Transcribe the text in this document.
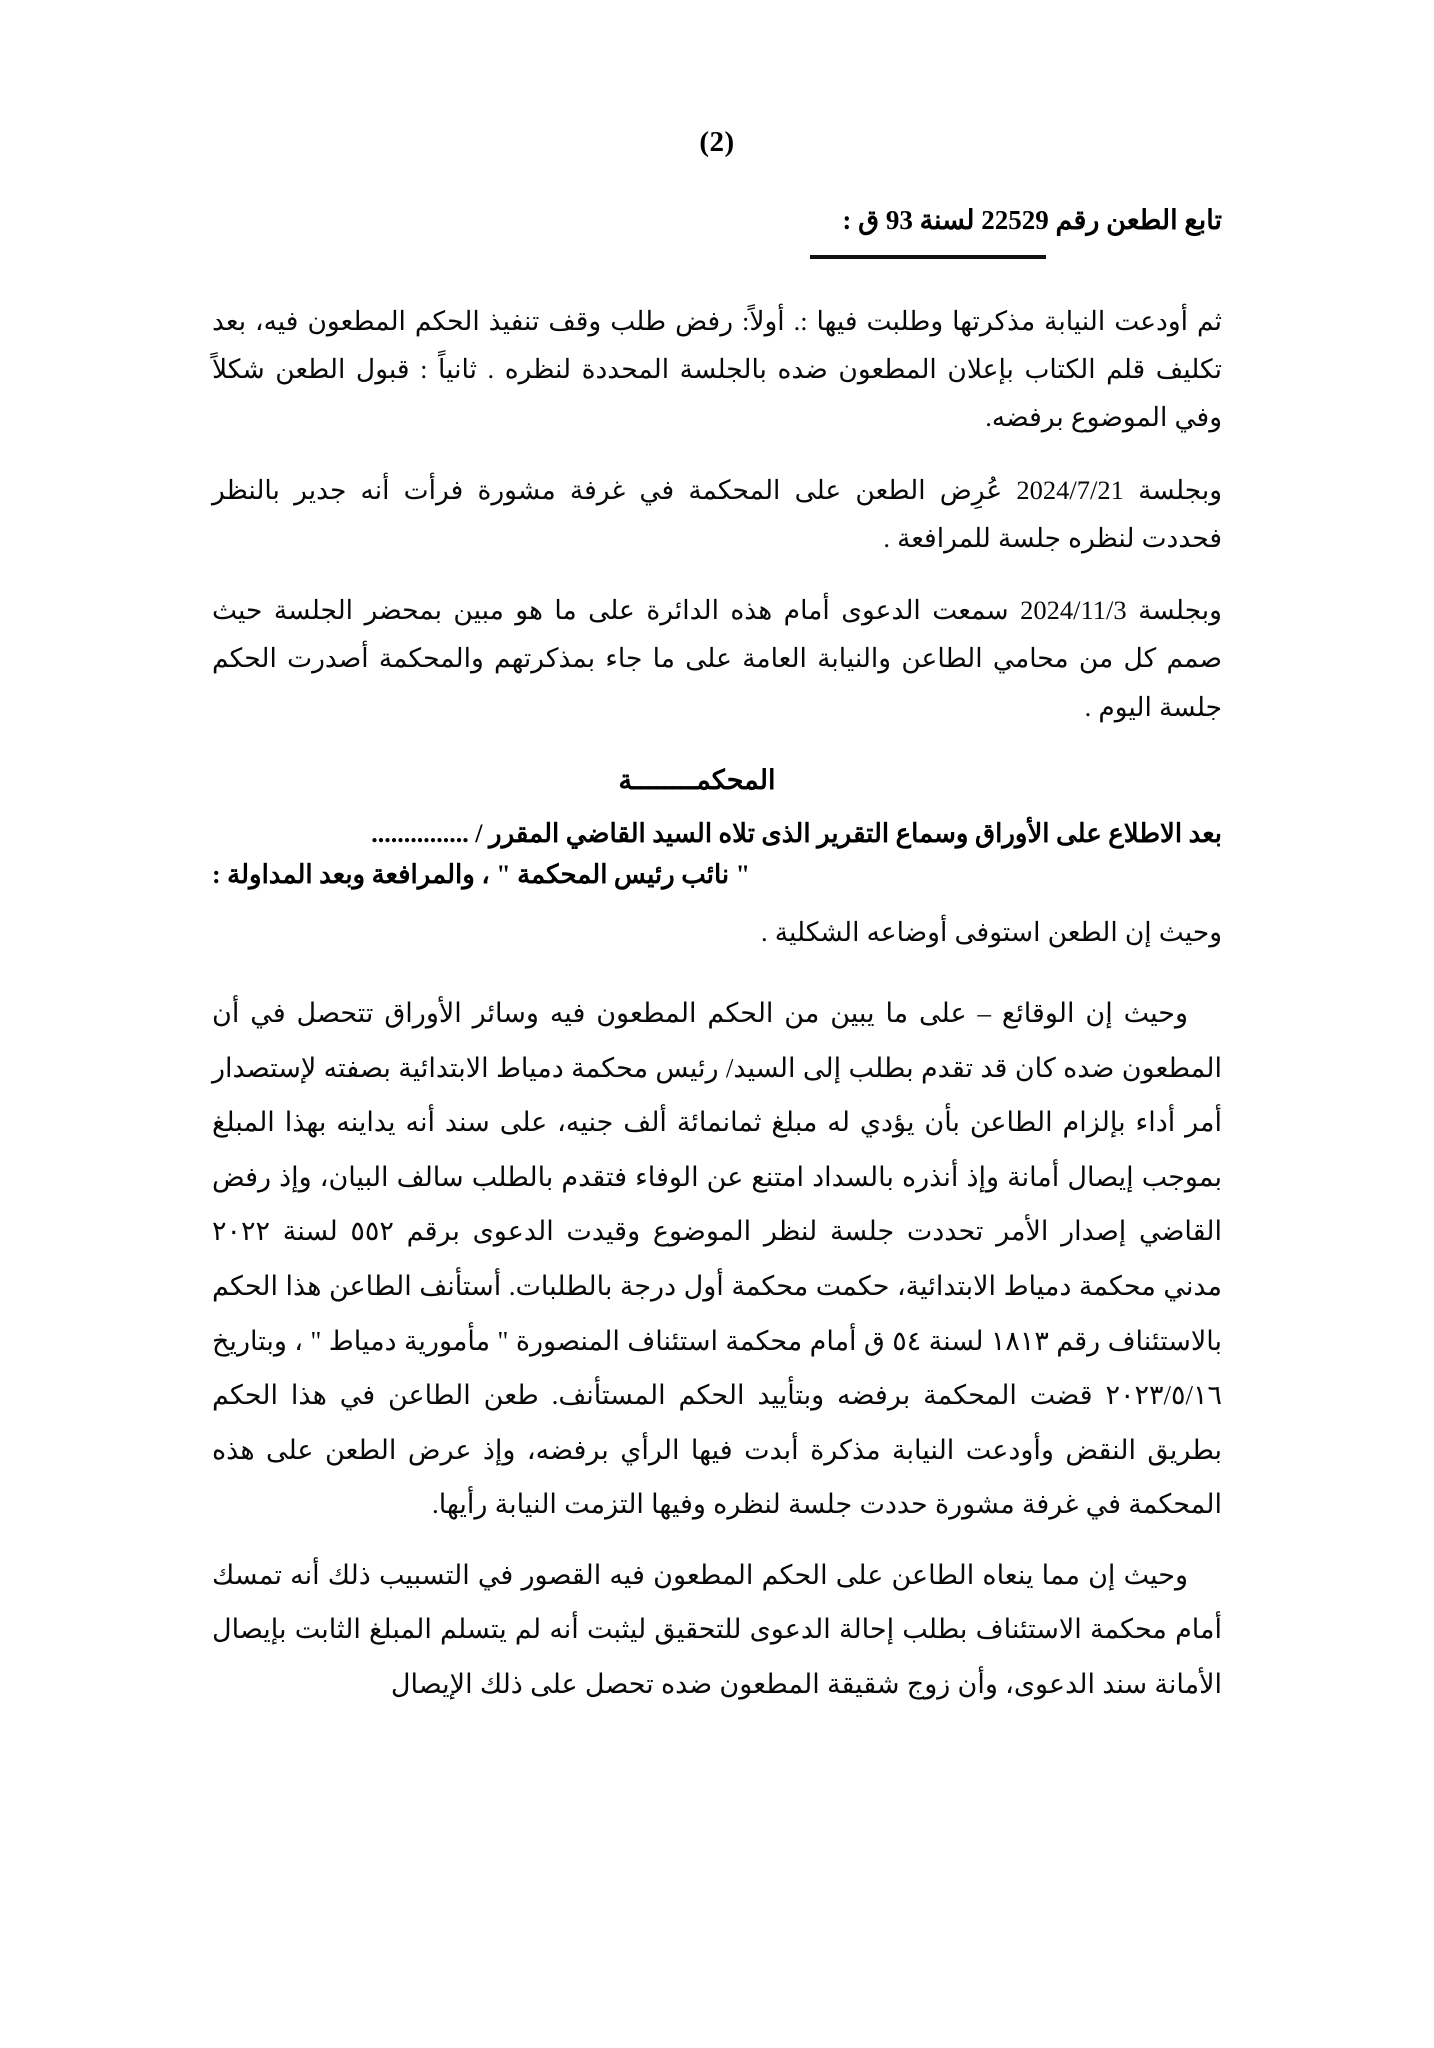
(2)
تابع الطعن رقم 22529 لسنة 93 ق :

ثم أودعت النيابة مذكرتها وطلبت فيها :. أولاً: رفض طلب وقف تنفيذ الحكم المطعون فيه، بعد تكليف قلم الكتاب بإعلان المطعون ضده بالجلسة المحددة لنظره . ثانياً : قبول الطعن شكلاً وفي الموضوع برفضه.

وبجلسة 2024/7/21 عُرِض الطعن على المحكمة في غرفة مشورة فرأت أنه جدير بالنظر فحددت لنظره جلسة للمرافعة .

وبجلسة 2024/11/3 سمعت الدعوى أمام هذه الدائرة على ما هو مبين بمحضر الجلسة حيث صمم كل من محامي الطاعن والنيابة العامة على ما جاء بمذكرتهم والمحكمة أصدرت الحكم جلسة اليوم .

المحكمــــــــة

بعد الاطلاع على الأوراق وسماع التقرير الذى تلاه السيد القاضي المقرر / ...............

" نائب رئيس المحكمة " ، والمرافعة وبعد المداولة :

وحيث إن الطعن استوفى أوضاعه الشكلية .

وحيث إن الوقائع – على ما يبين من الحكم المطعون فيه وسائر الأوراق تتحصل في أن المطعون ضده كان قد تقدم بطلب إلى السيد/ رئيس محكمة دمياط الابتدائية بصفته لإستصدار أمر أداء بإلزام الطاعن بأن يؤدي له مبلغ ثمانمائة ألف جنيه، على سند أنه يداينه بهذا المبلغ بموجب إيصال أمانة وإذ أنذره بالسداد امتنع عن الوفاء فتقدم بالطلب سالف البيان، وإذ رفض القاضي إصدار الأمر تحددت جلسة لنظر الموضوع وقيدت الدعوى برقم ٥٥٢ لسنة ٢٠٢٢ مدني محكمة دمياط الابتدائية، حكمت محكمة أول درجة بالطلبات. أستأنف الطاعن هذا الحكم بالاستئناف رقم ١٨١٣ لسنة ٥٤ ق أمام محكمة استئناف المنصورة " مأمورية دمياط " ، وبتاريخ ٢٠٢٣/٥/١٦ قضت المحكمة برفضه وبتأييد الحكم المستأنف. طعن الطاعن في هذا الحكم بطريق النقض وأودعت النيابة مذكرة أبدت فيها الرأي برفضه، وإذ عرض الطعن على هذه المحكمة في غرفة مشورة حددت جلسة لنظره وفيها التزمت النيابة رأيها.

وحيث إن مما ينعاه الطاعن على الحكم المطعون فيه القصور في التسبيب ذلك أنه تمسك أمام محكمة الاستئناف بطلب إحالة الدعوى للتحقيق ليثبت أنه لم يتسلم المبلغ الثابت بإيصال الأمانة سند الدعوى، وأن زوج شقيقة المطعون ضده تحصل على ذلك الإيصال
